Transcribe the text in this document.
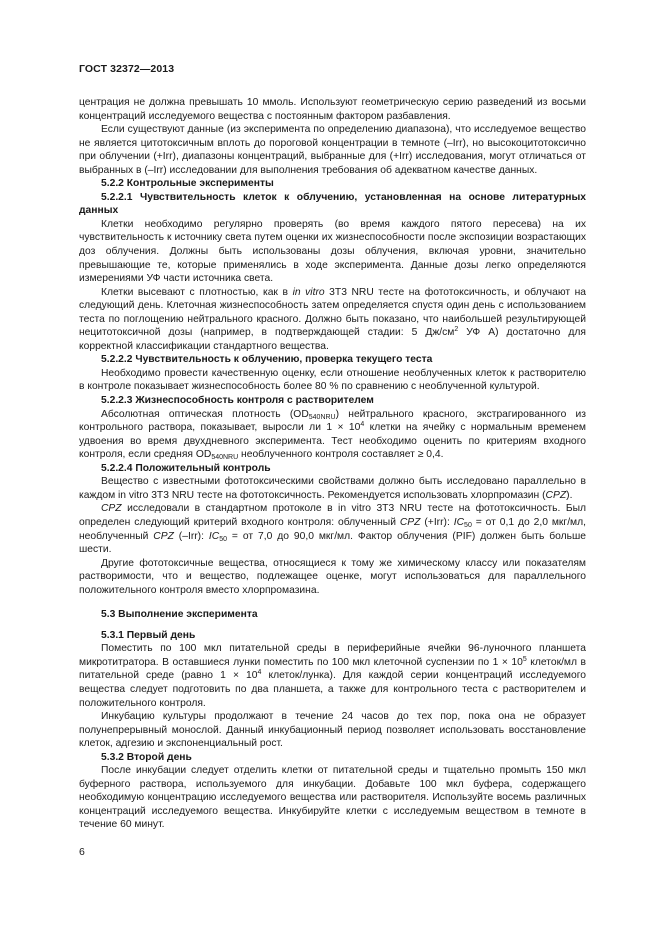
ГОСТ 32372—2013

центрация не должна превышать 10 ммоль. Используют геометрическую серию разведений из восьми концентраций исследуемого вещества с постоянным фактором разбавления.

Если существуют данные (из эксперимента по определению диапазона), что исследуемое вещество не является цитотоксичным вплоть до пороговой концентрации в темноте (–Irr), но высокоцитотоксично при облучении (+Irr), диапазоны концентраций, выбранные для (+Irr) исследования, могут отличаться от выбранных в (–Irr) исследовании для выполнения требования об адекватном качестве данных.

5.2.2 Контрольные эксперименты

5.2.2.1 Чувствительность клеток к облучению, установленная на основе литературных данных

Клетки необходимо регулярно проверять (во время каждого пятого пересева) на их чувствительность к источнику света путем оценки их жизнеспособности после экспозиции возрастающих доз облучения. Должны быть использованы дозы облучения, включая уровни, значительно превышающие те, которые применялись в ходе эксперимента. Данные дозы легко определяются измерениями УФ части источника света.

Клетки высевают с плотностью, как в in vitro 3T3 NRU тесте на фототоксичность, и облучают на следующий день. Клеточная жизнеспособность затем определяется спустя один день с использованием теста по поглощению нейтрального красного. Должно быть показано, что наибольшей результирующей нецитотоксичной дозы (например, в подтверждающей стадии: 5 $Дж/см^2$ УФ А) достаточно для корректной классификации стандартного вещества.

5.2.2.2 Чувствительность к облучению, проверка текущего теста

Необходимо провести качественную оценку, если отношение необлученных клеток к растворителю в контроле показывает жизнеспособность более 80 % по сравнению с необлученной культурой.

5.2.2.3 Жизнеспособность контроля с растворителем

Абсолютная оптическая плотность $(OD_{540NRU})$ нейтрального красного, экстрагированного из контрольного раствора, показывает, выросли ли $1 \times 10^4$ клетки на ячейку с нормальным временем удвоения во время двухдневного эксперимента. Тест необходимо оценить по критериям входного контроля, если средняя $OD_{540NRU}$ необлученного контроля составляет ≥ 0,4.

5.2.2.4 Положительный контроль

Вещество с известными фототоксическими свойствами должно быть исследовано параллельно в каждом in vitro 3T3 NRU тесте на фототоксичность. Рекомендуется использовать хлорпромазин (CPZ).

CPZ исследовали в стандартном протоколе в in vitro 3T3 NRU тесте на фототоксичность. Был определен следующий критерий входного контроля: облученный CPZ (+Irr): $IC_{50}$ = от 0,1 до 2,0 мкг/мл, необлученный CPZ (–Irr): $IC_{50}$ = от 7,0 до 90,0 мкг/мл. Фактор облучения (PIF) должен быть больше шести.

Другие фототоксичные вещества, относящиеся к тому же химическому классу или показателям растворимости, что и вещество, подлежащее оценке, могут использоваться для параллельного положительного контроля вместо хлорпромазина.

5.3 Выполнение эксперимента

5.3.1 Первый день

Поместить по 100 мкл питательной среды в периферийные ячейки 96-луночного планшета микротитратора. В оставшиеся лунки поместить по 100 мкл клеточной суспензии по $1 \times 10^5$ клеток/мл в питательной среде (равно $1 \times 10^4$ клеток/лунка). Для каждой серии концентраций исследуемого вещества следует подготовить по два планшета, а также для контрольного теста с растворителем и положительного контроля.

Инкубацию культуры продолжают в течение 24 часов до тех пор, пока она не образует полунепрерывный монослой. Данный инкубационный период позволяет использовать восстановление клеток, адгезию и экспоненциальный рост.

5.3.2 Второй день

После инкубации следует отделить клетки от питательной среды и тщательно промыть 150 мкл буферного раствора, используемого для инкубации. Добавьте 100 мкл буфера, содержащего необходимую концентрацию исследуемого вещества или растворителя. Используйте восемь различных концентраций исследуемого вещества. Инкубируйте клетки с исследуемым веществом в темноте в течение 60 минут.

6
